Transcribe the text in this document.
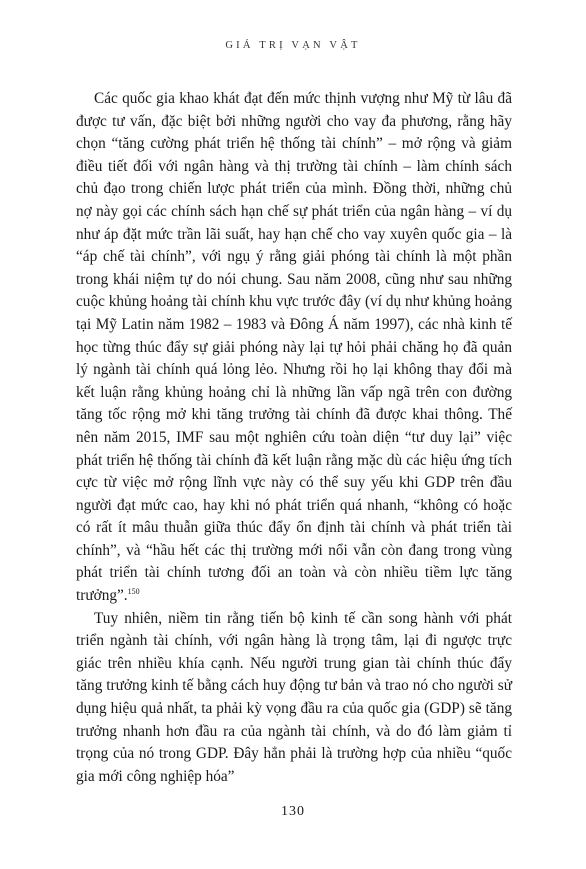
GIÁ TRỊ VẠN VẬT

Các quốc gia khao khát đạt đến mức thịnh vượng như Mỹ từ lâu đã được tư vấn, đặc biệt bởi những người cho vay đa phương, rằng hãy chọn “tăng cường phát triển hệ thống tài chính” – mở rộng và giảm điều tiết đối với ngân hàng và thị trường tài chính – làm chính sách chủ đạo trong chiến lược phát triển của mình. Đồng thời, những chủ nợ này gọi các chính sách hạn chế sự phát triển của ngân hàng – ví dụ như áp đặt mức trần lãi suất, hay hạn chế cho vay xuyên quốc gia – là “áp chế tài chính”, với ngụ ý rằng giải phóng tài chính là một phần trong khái niệm tự do nói chung. Sau năm 2008, cũng như sau những cuộc khủng hoảng tài chính khu vực trước đây (ví dụ như khủng hoảng tại Mỹ Latin năm 1982 – 1983 và Đông Á năm 1997), các nhà kinh tế học từng thúc đẩy sự giải phóng này lại tự hỏi phải chăng họ đã quản lý ngành tài chính quá lỏng lẻo. Nhưng rồi họ lại không thay đổi mà kết luận rằng khủng hoảng chỉ là những lần vấp ngã trên con đường tăng tốc rộng mở khi tăng trưởng tài chính đã được khai thông. Thế nên năm 2015, IMF sau một nghiên cứu toàn diện “tư duy lại” việc phát triển hệ thống tài chính đã kết luận rằng mặc dù các hiệu ứng tích cực từ việc mở rộng lĩnh vực này có thể suy yếu khi GDP trên đầu người đạt mức cao, hay khi nó phát triển quá nhanh, “không có hoặc có rất ít mâu thuẫn giữa thúc đẩy ổn định tài chính và phát triển tài chính”, và “hầu hết các thị trường mới nổi vẫn còn đang trong vùng phát triển tài chính tương đối an toàn và còn nhiều tiềm lực tăng trưởng”.$^{150}$

Tuy nhiên, niềm tin rằng tiến bộ kinh tế cần song hành với phát triển ngành tài chính, với ngân hàng là trọng tâm, lại đi ngược trực giác trên nhiều khía cạnh. Nếu người trung gian tài chính thúc đẩy tăng trưởng kinh tế bằng cách huy động tư bản và trao nó cho người sử dụng hiệu quả nhất, ta phải kỳ vọng đầu ra của quốc gia (GDP) sẽ tăng trưởng nhanh hơn đầu ra của ngành tài chính, và do đó làm giảm tỉ trọng của nó trong GDP. Đây hẳn phải là trường hợp của nhiều “quốc gia mới công nghiệp hóa”

130
